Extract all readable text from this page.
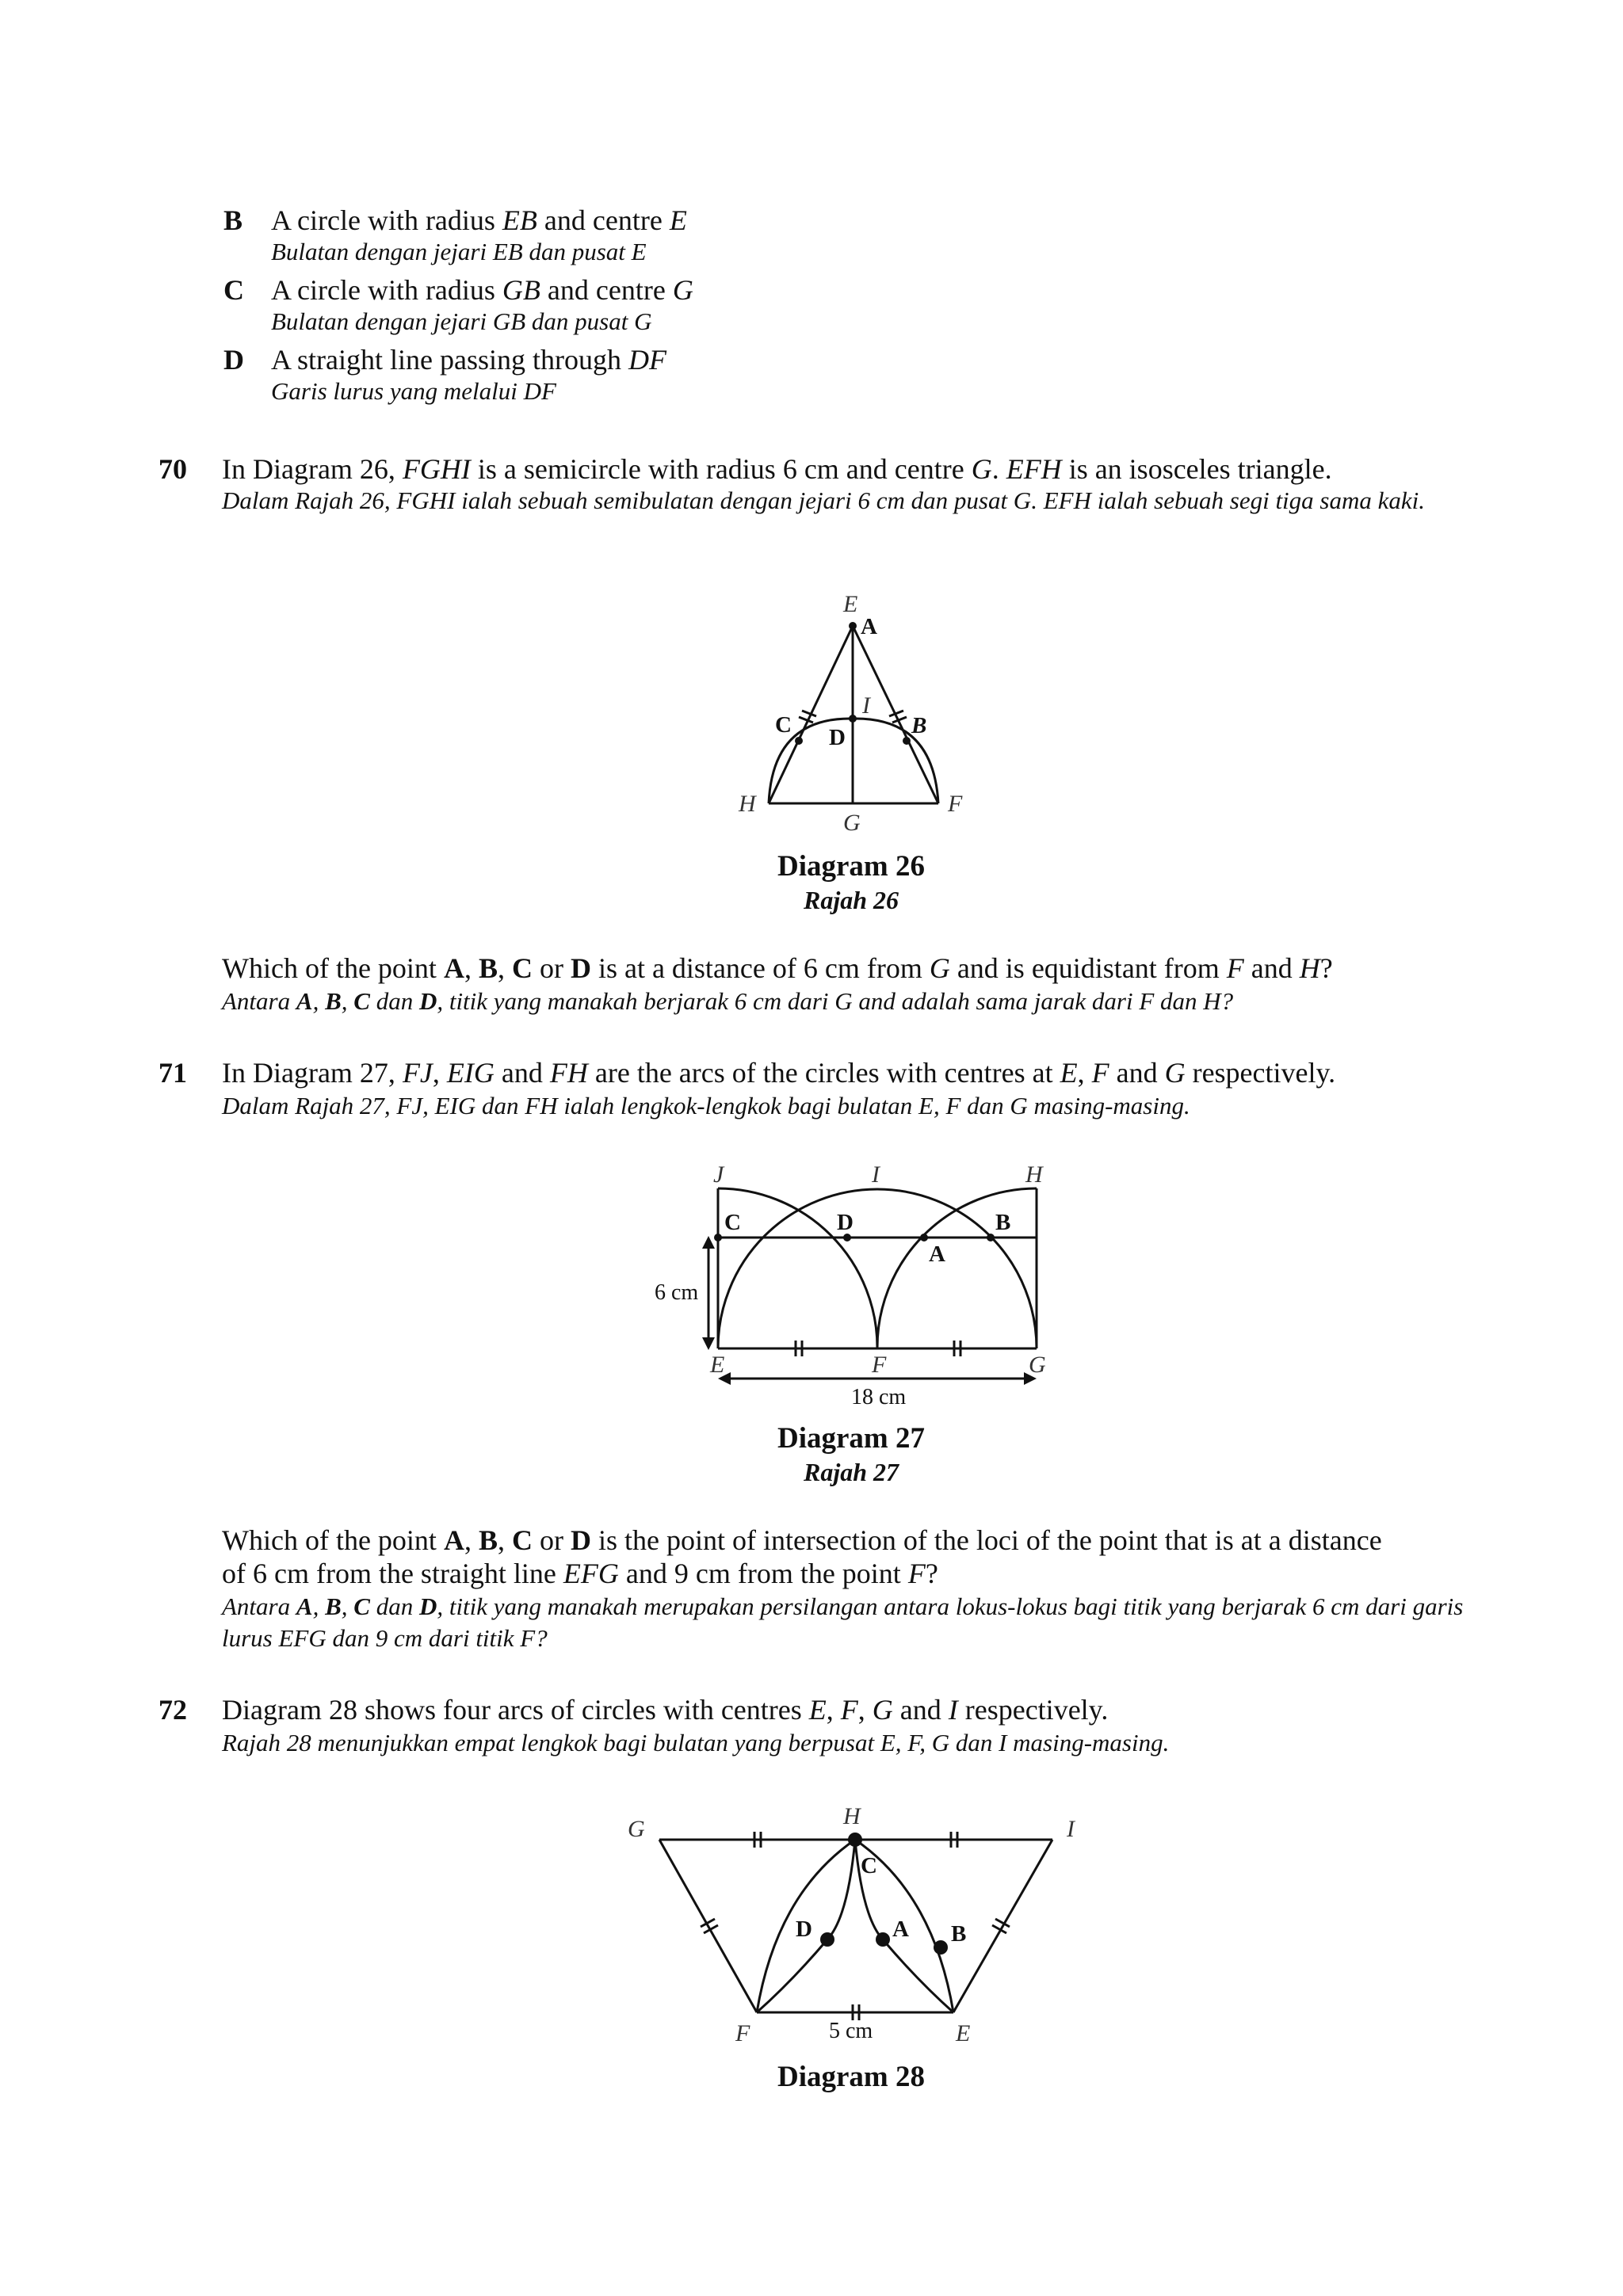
B A circle with radius EB and centre E
Bulatan dengan jejari EB dan pusat E
C A circle with radius GB and centre G
Bulatan dengan jejari GB dan pusat G
D A straight line passing through DF
Garis lurus yang melalui DF
70 In Diagram 26, FGHI is a semicircle with radius 6 cm and centre G. EFH is an isosceles triangle.
Dalam Rajah 26, FGHI ialah sebuah semibulatan dengan jejari 6 cm dan pusat G. EFH ialah sebuah segi tiga sama kaki.
E
A
I
C D	B
H
G
F
Diagram 26
Rajah 26
Which of the point A, B, C or D is at a distance of 6 cm from G and is equidistant from F and H?
Antara A, B, C dan D, titik yang manakah berjarak 6 cm dari G and adalah sama jarak dari F dan H?
71 In Diagram 27, FJ, EIG and FH are the arcs of the circles with centres at E, F and G respectively.
Dalam Rajah 27, FJ, EIG dan FH ialah lengkok-lengkok bagi bulatan E, F dan G masing-masing.
J	I	H
C	D
A
B
6 cm
E	F	G
18 cm
Diagram 27
Rajah 27
Which of the point A, B, C or D is the point of intersection of the loci of the point that is at a distance
of 6 cm from the straight line EFG and 9 cm from the point F?
Antara A, B, C dan D, titik yang manakah merupakan persilangan antara lokus-lokus bagi titik yang berjarak 6 cm dari garis lurus EFG dan 9 cm dari titik F?
72 Diagram 28 shows four arcs of circles with centres E, F, G and I respectively.
Rajah 28 menunjukkan empat lengkok bagi bulatan yang berpusat E, F, G dan I masing-masing.
G	H	I
C
D	A B
F	5 cm	E
Diagram 28
